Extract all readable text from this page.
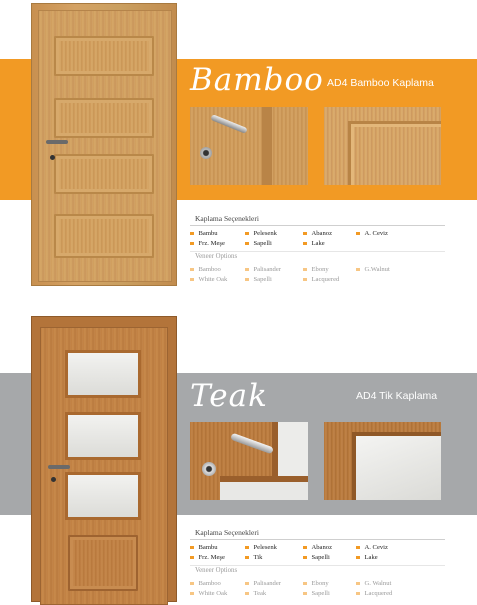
Bamboo AD4 Bamboo Kaplama
Kaplama Seçenekleri
Bambu	Pelesenk	Abanoz	A. Ceviz
Frz. Meşe	Sapelli	Lake
Veneer Options
Bamboo	Palisander	Ebony	G.Walnut
White Oak	Sapelli	Lacquered
Teak	AD4 Tik Kaplama
Kaplama Seçenekleri
Bambu	Pelesenk	Abanoz	A. Ceviz
Frz. Meşe	Tik	Sapelli	Lake
Veneer Options
Bamboo	Palisander	Ebony	G. Walnut
White Oak	Teak	Sapelli	Lacquered
